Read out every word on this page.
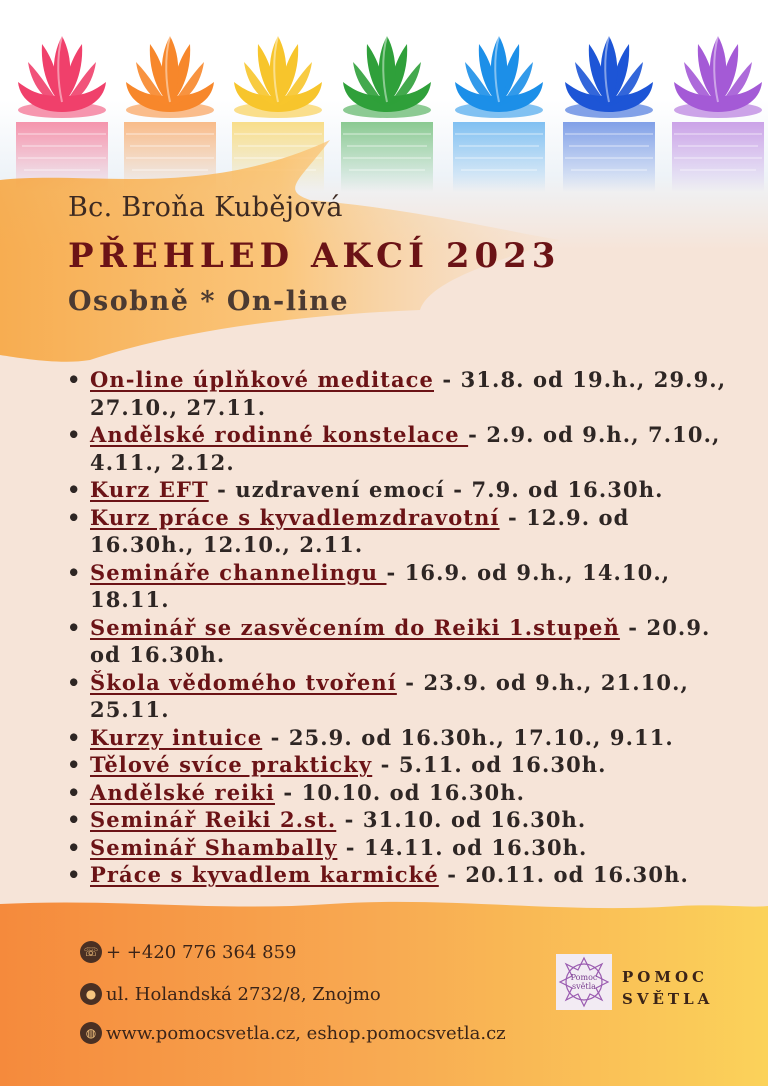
Bc. Broňa Kubějová
PŘEHLED AKCÍ 2023
Osobně * On-line
• On-line úplňkové meditace - 31.8. od 19.h., 29.9., 27.10., 27.11.
• Andělské rodinné konstelace - 2.9. od 9.h., 7.10., 4.11., 2.12.
• Kurz EFT - uzdravení emocí - 7.9. od 16.30h.
• Kurz práce s kyvadlemzdravotní - 12.9. od 16.30h., 12.10., 2.11.
• Semináře channelingu - 16.9. od 9.h., 14.10., 18.11.
• Seminář se zasvěcením do Reiki 1.stupeň - 20.9. od 16.30h.
• Škola vědomého tvoření - 23.9. od 9.h., 21.10., 25.11.
• Kurzy intuice - 25.9. od 16.30h., 17.10., 9.11.
• Tělové svíce prakticky - 5.11. od 16.30h.
• Andělské reiki - 10.10. od 16.30h.
• Seminář Reiki 2.st. - 31.10. od 16.30h.
• Seminář Shambally - 14.11. od 16.30h.
• Práce s kyvadlem karmické - 20.11. od 16.30h.
☏ + +420 776 364 859
● ul. Holandská 2732/8, Znojmo
◍ www.pomocsvetla.cz, eshop.pomocsvetla.cz
Pomoc
světla
POMOC
SVĚTLA
